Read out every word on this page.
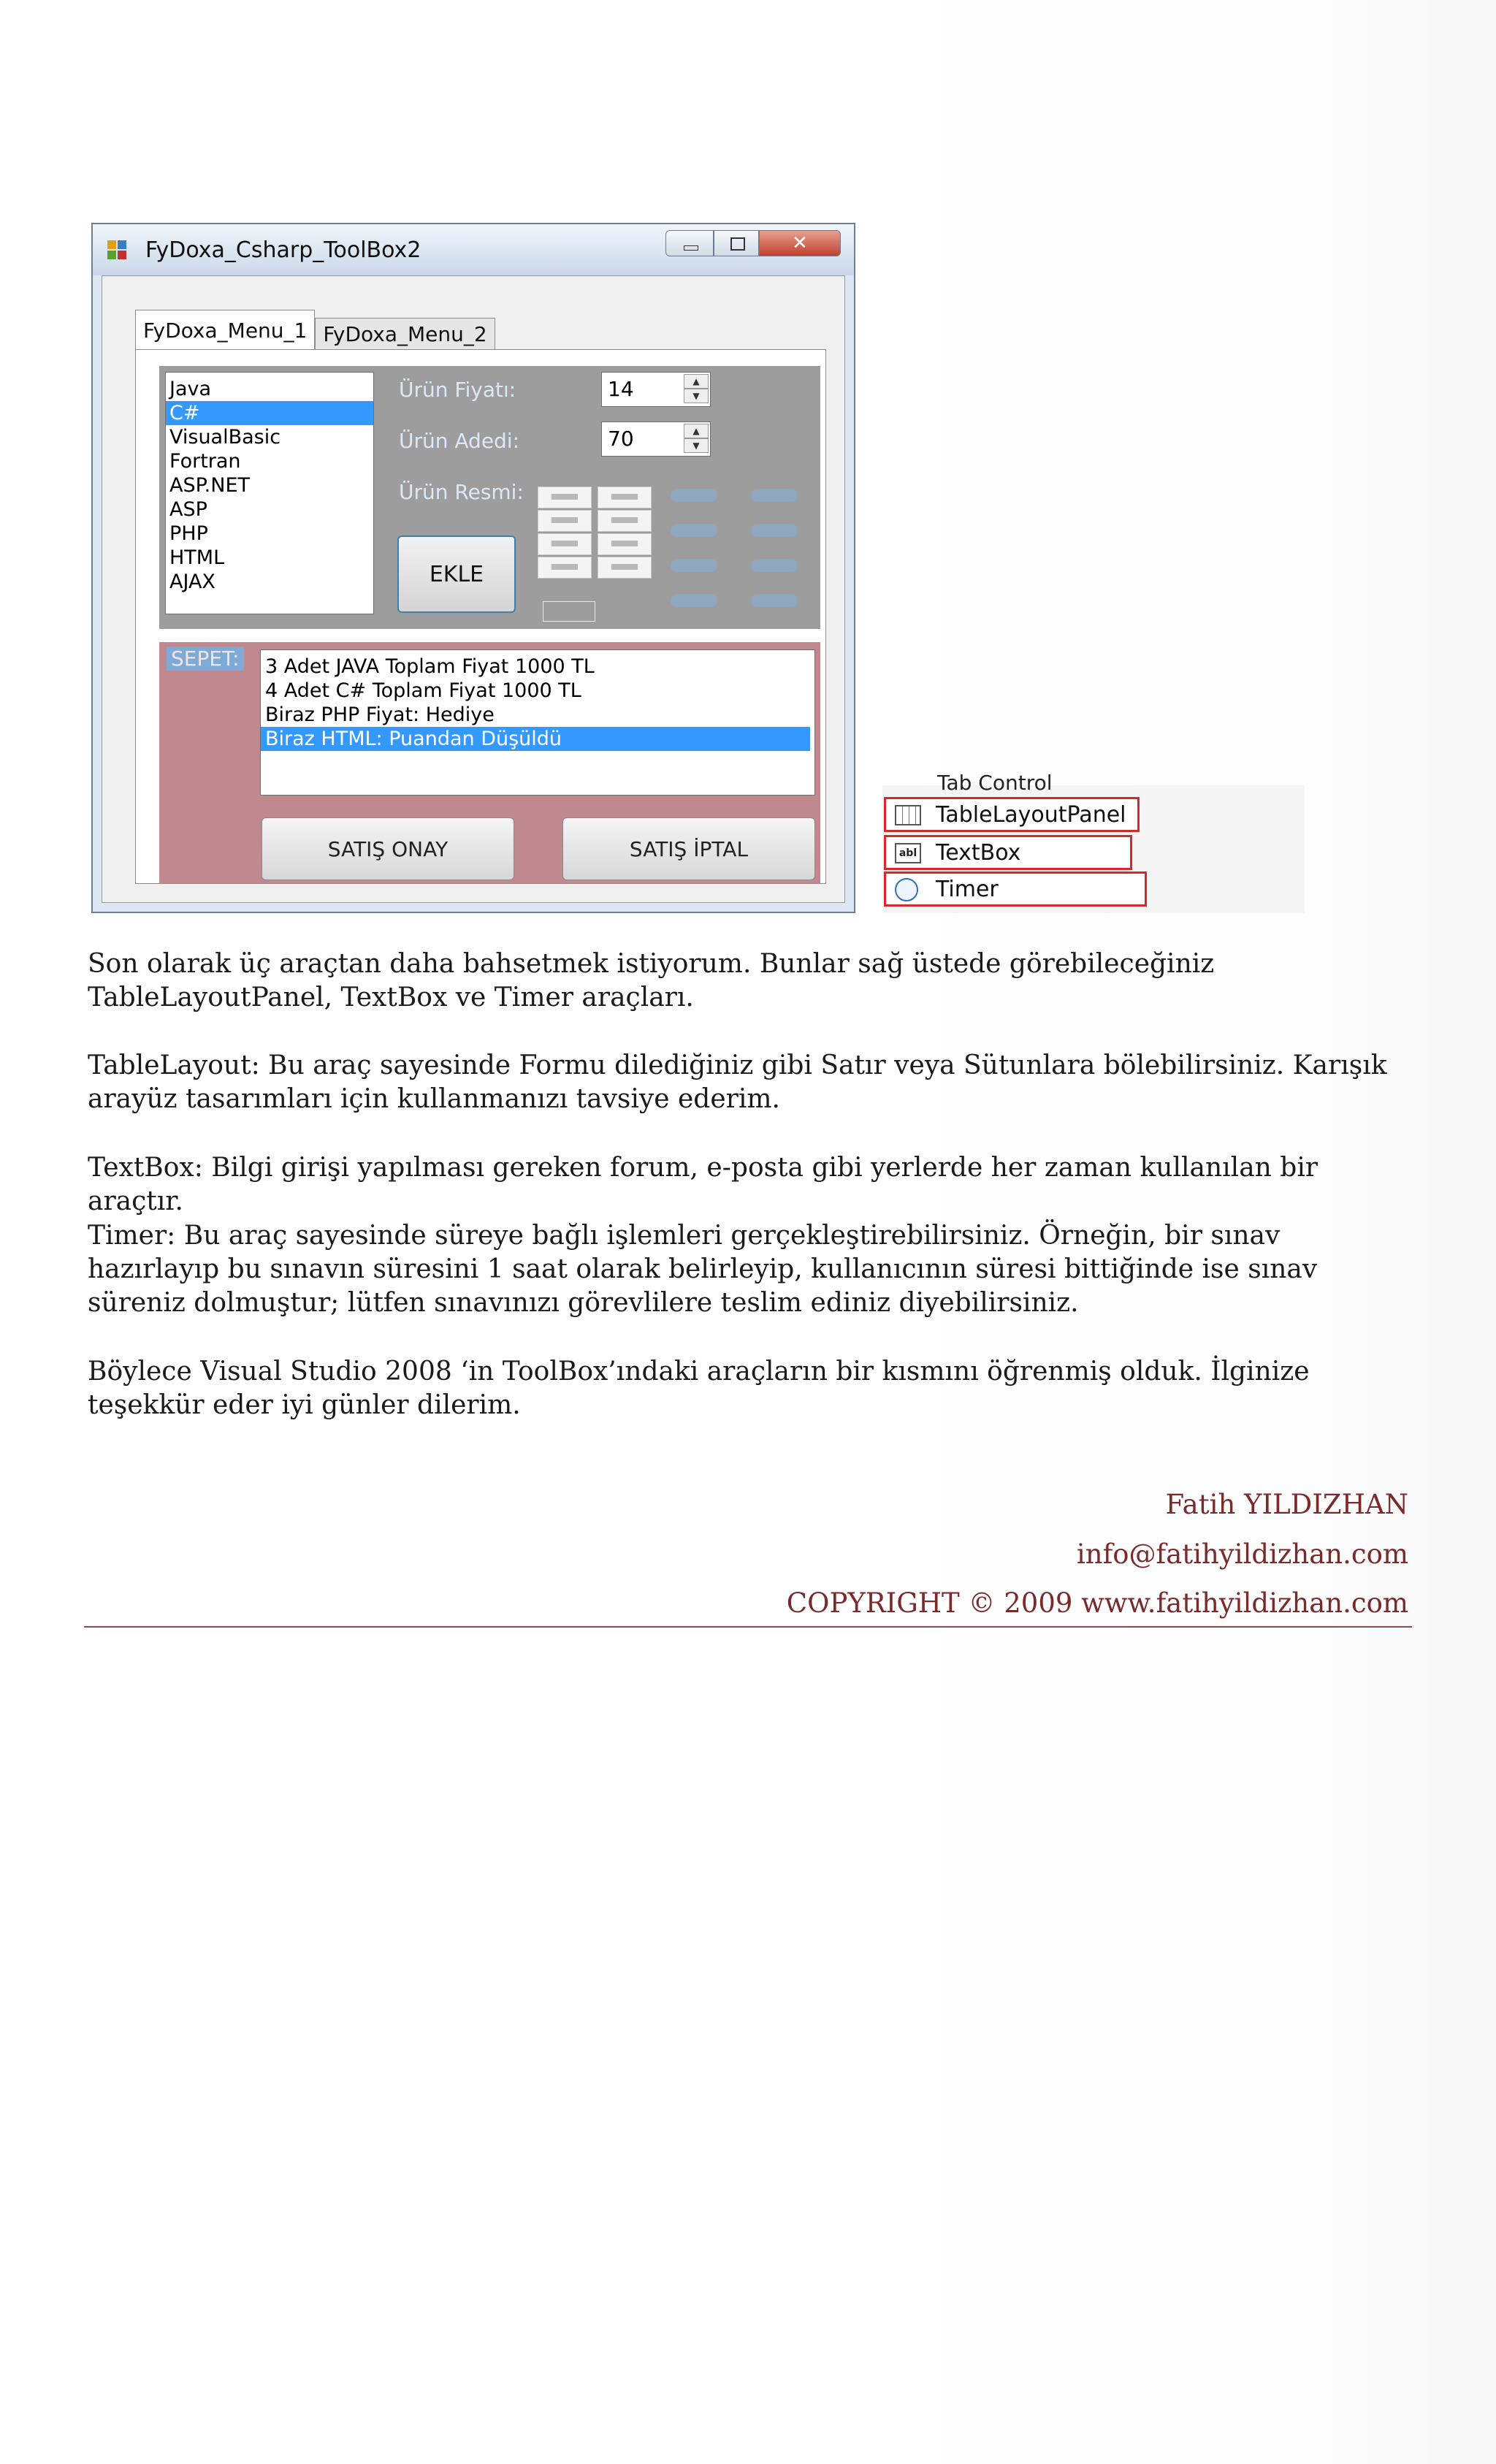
FyDoxa_Csharp_ToolBox2	✕
FyDoxa_Menu_1 FyDoxa_Menu_2
Java
C#
VisualBasic
Fortran
ASP.NET
ASP
PHP
HTML
AJAX
Ürün Fiyatı:	14	▲
▼
Ürün Adedi:	70	▲
▼
Ürün Resmi:
EKLE
SEPET: 3 Adet JAVA Toplam Fiyat 1000 TL
4 Adet C# Toplam Fiyat 1000 TL
Biraz PHP Fiyat: Hediye
Biraz HTML: Puandan Düşüldü
SATIŞ ONAY	SATIŞ İPTAL
Tab Control
TableLayoutPanel
abl TextBox
Timer

Son olarak üç araçtan daha bahsetmek istiyorum. Bunlar sağ üstede görebileceğiniz TableLayoutPanel, TextBox ve Timer araçları.

TableLayout: Bu araç sayesinde Formu dilediğiniz gibi Satır veya Sütunlara bölebilirsiniz. Karışık arayüz tasarımları için kullanmanızı tavsiye ederim.

TextBox: Bilgi girişi yapılması gereken forum, e-posta gibi yerlerde her zaman kullanılan bir araçtır.

Timer: Bu araç sayesinde süreye bağlı işlemleri gerçekleştirebilirsiniz. Örneğin, bir sınav hazırlayıp bu sınavın süresini 1 saat olarak belirleyip, kullanıcının süresi bittiğinde ise sınav süreniz dolmuştur; lütfen sınavınızı görevlilere teslim ediniz diyebilirsiniz.

Böylece Visual Studio 2008 ‘in ToolBox’ındaki araçların bir kısmını öğrenmiş olduk. İlginize teşekkür eder iyi günler dilerim.

Fatih YILDIZHAN
info@fatihyildizhan.com
COPYRIGHT © 2009 www.fatihyildizhan.com
